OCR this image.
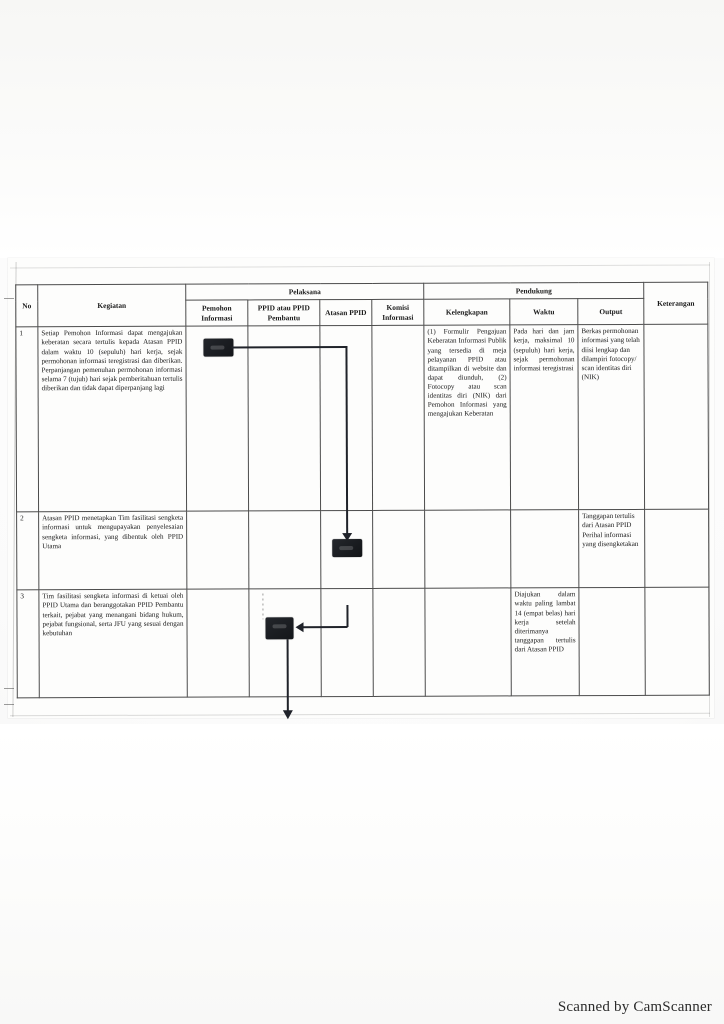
No	Kegiatan	Pelaksana				Pendukung			Keterangan
		Pemohon Informasi	PPID atau PPID Pembantu	Atasan PPID	Komisi Informasi	Kelengkapan	Waktu	Output	
1	Setiap Pemohon Informasi dapat mengajukan keberatan secara tertulis kepada Atasan PPID dalam waktu 10 (sepuluh) hari kerja, sejak permohonan informasi teregistrasi dan diberikan. Perpanjangan pemenuhan permohonan informasi selama 7 (tujuh) hari sejak pemberitahuan tertulis diberikan dan tidak dapat diperpanjang lagi					(1) Formulir Pengajuan Keberatan Informasi Publik yang tersedia di meja pelayanan PPID atau ditampilkan di website dan dapat diunduh, (2) Fotocopy atau scan identitas diri (NIK) dari Pemohon Informasi yang mengajukan Keberatan	Pada hari dan jam kerja, maksimal 10 (sepuluh) hari kerja, sejak permohonan informasi teregistrasi	Berkas permohonan informasi yang telah diisi lengkap dan dilampiri fotocopy/ scan identitas diri (NIK)	
2	Atasan PPID menetapkan Tim fasilitasi sengketa informasi untuk mengupayakan penyelesaian sengketa informasi, yang dibentuk oleh PPID Utama							Tanggapan tertulis dari Atasan PPID Perihal informasi yang disengketakan	
3	Tim fasilitasi sengketa informasi di ketuai oleh PPID Utama dan beranggotakan PPID Pembantu terkait, pejabat yang menangani bidang hukum, pejabat fungsional, serta JFU yang sesuai dengan kebutuhan						Diajukan dalam waktu paling lambat 14 (empat belas) hari kerja setelah diterimanya tanggapan tertulis dari Atasan PPID		
Scanned by CamScanner
